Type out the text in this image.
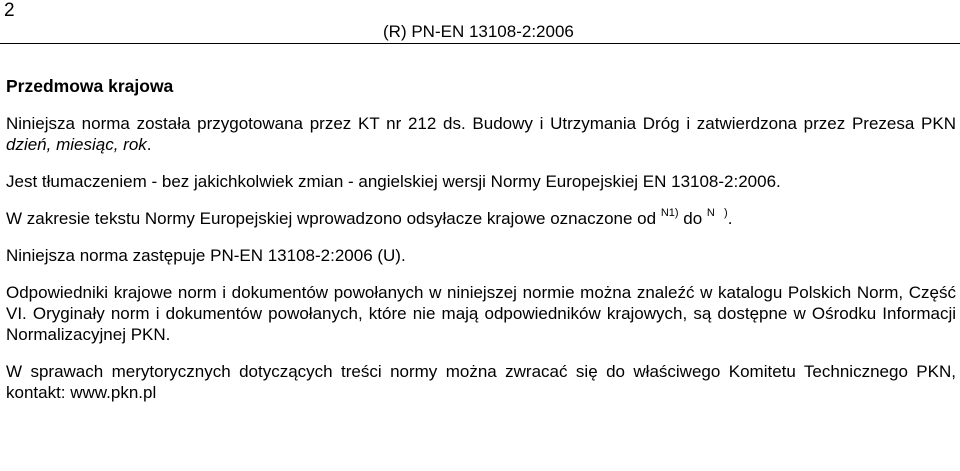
2
(R) PN-EN 13108-2:2006
Przedmowa krajowa

Niniejsza norma została przygotowana przez KT nr 212 ds. Budowy i Utrzymania Dróg i zatwierdzona przez Prezesa PKN dzień, miesiąc, rok.

Jest tłumaczeniem - bez jakichkolwiek zmian - angielskiej wersji Normy Europejskiej EN 13108-2:2006.

W zakresie tekstu Normy Europejskiej wprowadzono odsyłacze krajowe oznaczone od $^{N1)}$ do $^{N )}$.

Niniejsza norma zastępuje PN-EN 13108-2:2006 (U).

Odpowiedniki krajowe norm i dokumentów powołanych w niniejszej normie można znaleźć w katalogu Polskich Norm, Część VI. Oryginały norm i dokumentów powołanych, które nie mają odpowiedników krajowych, są dostępne w Ośrodku Informacji Normalizacyjnej PKN.

W sprawach merytorycznych dotyczących treści normy można zwracać się do właściwego Komitetu Technicznego PKN, kontakt: www.pkn.pl
